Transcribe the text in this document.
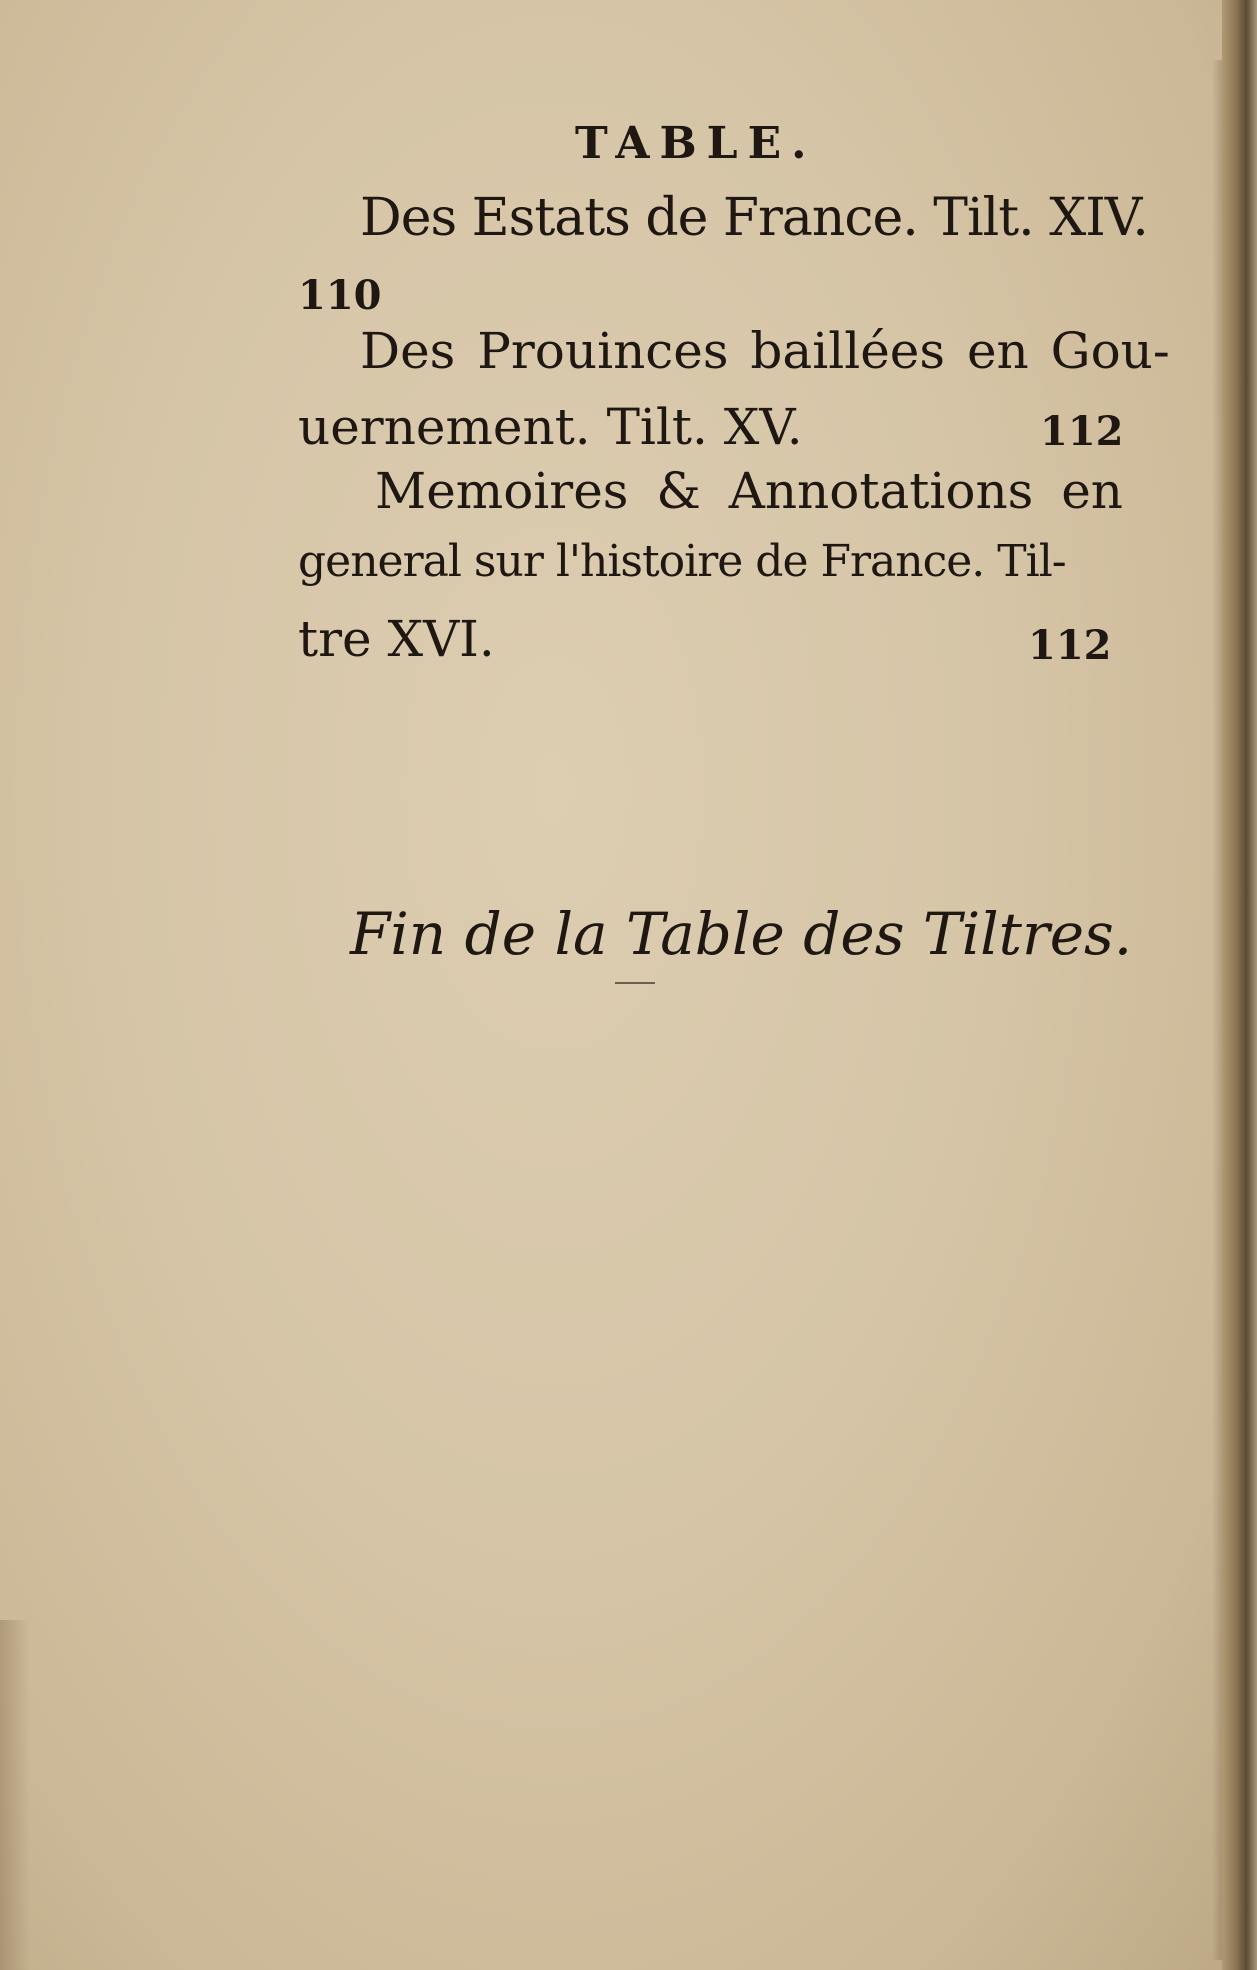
TABLE.
Des Estats de France. Tilt. XIV.
110
Des Prouinces baillées en Gou-
uernement. Tilt. XV.	112
Memoires & Annotations en
general sur l'histoire de France. Til-
tre XVI.	112
Fin de la Table des Tiltres.
